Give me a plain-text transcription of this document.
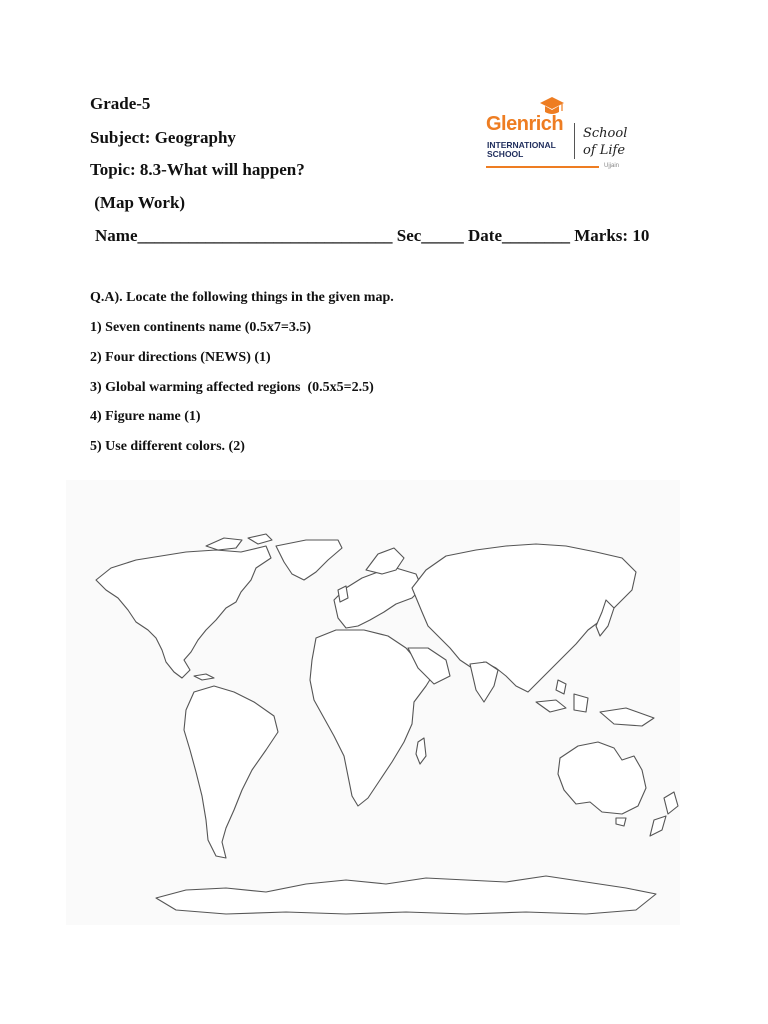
Grade-5
Subject: Geography
Topic: 8.3-What will happen?
(Map Work)
Name______________________________ Sec_____ Date________ Marks: 10
Glenrich
INTERNATIONAL
SCHOOL
School
of Life
Ujjain
Q.A). Locate the following things in the given map.
1) Seven continents name (0.5x7=3.5)
2) Four directions (NEWS) (1)
3) Global warming affected regions  (0.5x5=2.5)
4) Figure name (1)
5) Use different colors. (2)
